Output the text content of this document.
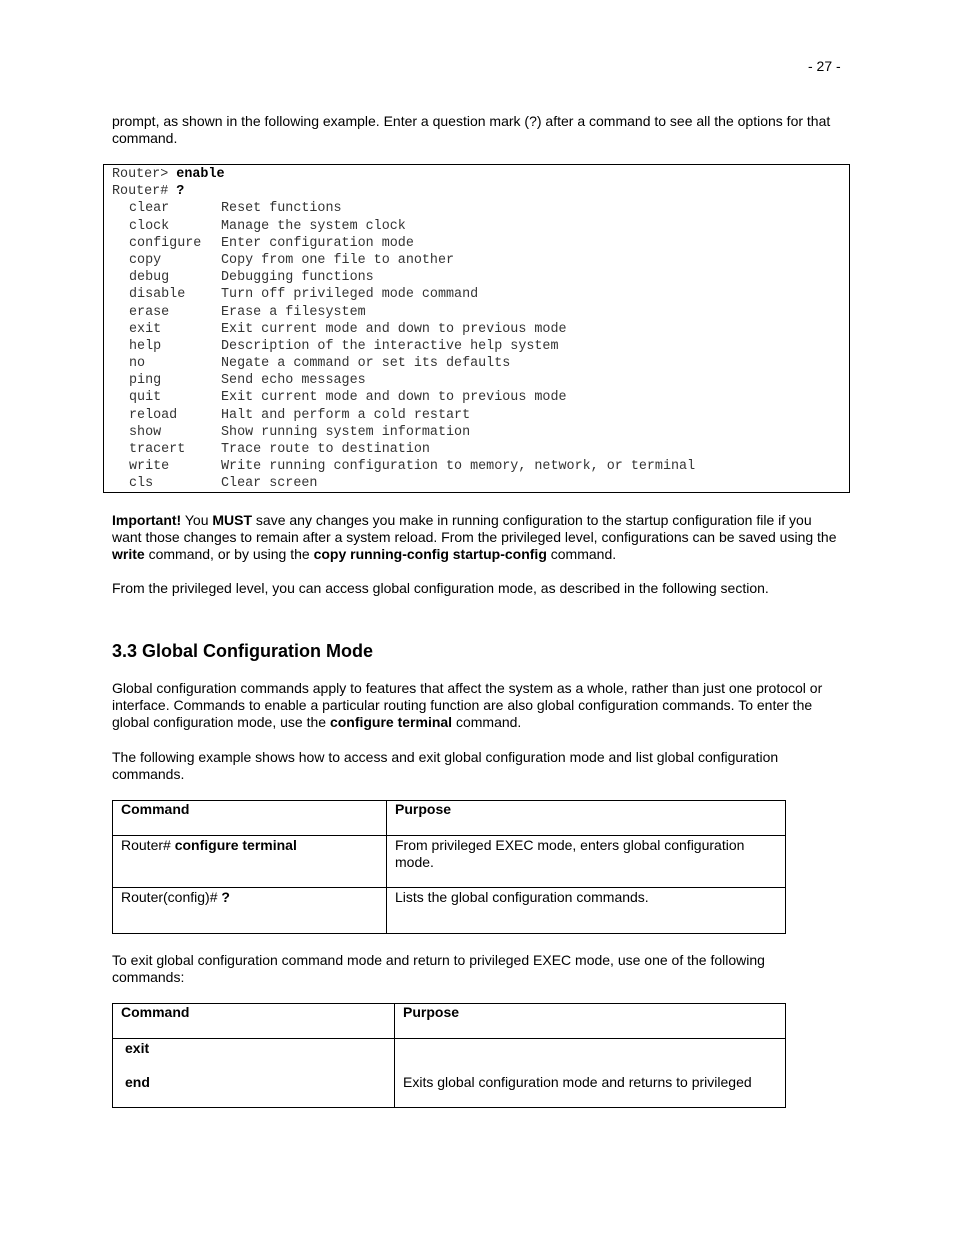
- 27 -
prompt, as shown in the following example. Enter a question mark (?) after a command to see all the options for that command.
Router> enable
Router# ?
clear	Reset functions
clock	Manage the system clock
configure Enter configuration mode
copy	Copy from one file to another
debug	Debugging functions
disable	Turn off privileged mode command
erase	Erase a filesystem
exit	Exit current mode and down to previous mode
help	Description of the interactive help system
no	Negate a command or set its defaults
ping	Send echo messages
quit	Exit current mode and down to previous mode
reload	Halt and perform a cold restart
show	Show running system information
tracert	Trace route to destination
write	Write running configuration to memory, network, or terminal
cls	Clear screen
Important! You MUST save any changes you make in running configuration to the startup configuration file if you want those changes to remain after a system reload. From the privileged level, configurations can be saved using the write command, or by using the copy running-config startup-config command.
From the privileged level, you can access global configuration mode, as described in the following section.
3.3 Global Configuration Mode
Global configuration commands apply to features that affect the system as a whole, rather than just one protocol or interface. Commands to enable a particular routing function are also global configuration commands. To enter the global configuration mode, use the configure terminal command.
The following example shows how to access and exit global configuration mode and list global configuration commands.
Command	Purpose
Router# configure terminal	From privileged EXEC mode, enters global configuration mode.
Router(config)# ?	Lists the global configuration commands.
To exit global configuration command mode and return to privileged EXEC mode, use one of the following commands:
Command	Purpose

exit
end	Exits global configuration mode and returns to privileged
